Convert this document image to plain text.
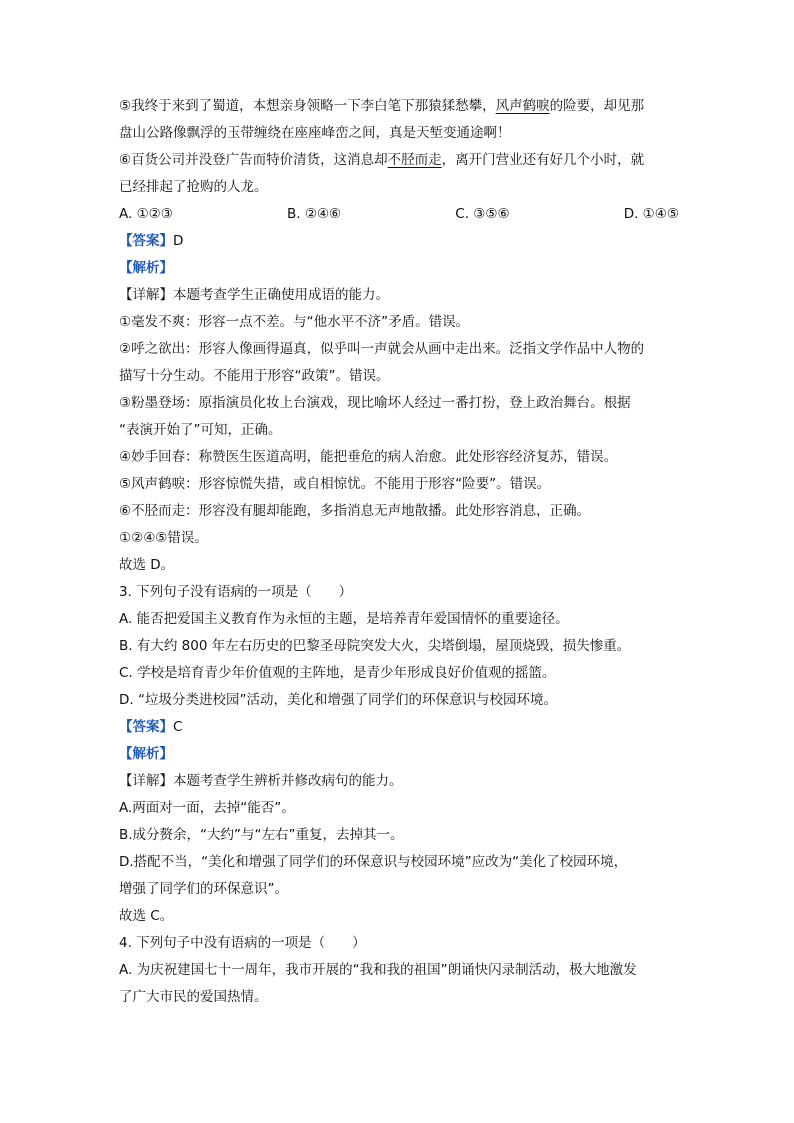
⑤我终于来到了蜀道，本想亲身领略一下李白笔下那猿猱愁攀，风声鹤唳的险要，却见那
盘山公路像飘浮的玉带缠绕在座座峰峦之间，真是天堑变通途啊！
⑥百货公司并没登广告而特价清货，这消息却不胫而走，离开门营业还有好几个小时，就
已经排起了抢购的人龙。
A. ①②③	B. ②④⑥	C. ③⑤⑥	D. ①④⑤
【答案】D
【解析】
【详解】本题考查学生正确使用成语的能力。
①毫发不爽：形容一点不差。与“他水平不济”矛盾。错误。
②呼之欲出：形容人像画得逼真，似乎叫一声就会从画中走出来。泛指文学作品中人物的
描写十分生动。不能用于形容“政策”。错误。
③粉墨登场：原指演员化妆上台演戏，现比喻坏人经过一番打扮，登上政治舞台。根据
“表演开始了”可知，正确。
④妙手回春：称赞医生医道高明，能把垂危的病人治愈。此处形容经济复苏，错误。
⑤风声鹤唳：形容惊慌失措，或自相惊忧。不能用于形容“险要”。错误。
⑥不胫而走：形容没有腿却能跑，多指消息无声地散播。此处形容消息，正确。
①②④⑤错误。
故选 D。
3. 下列句子没有语病的一项是（　　）
A. 能否把爱国主义教育作为永恒的主题，是培养青年爱国情怀的重要途径。
B. 有大约 800 年左右历史的巴黎圣母院突发大火，尖塔倒塌，屋顶烧毁，损失惨重。
C. 学校是培育青少年价值观的主阵地，是青少年形成良好价值观的摇篮。
D. “垃圾分类进校园”活动，美化和增强了同学们的环保意识与校园环境。
【答案】C
【解析】
【详解】本题考查学生辨析并修改病句的能力。
A.两面对一面，去掉“能否”。
B.成分赘余，“大约”与“左右”重复，去掉其一。
D.搭配不当，“美化和增强了同学们的环保意识与校园环境”应改为“美化了校园环境，
增强了同学们的环保意识”。
故选 C。
4. 下列句子中没有语病的一项是（　　）
A. 为庆祝建国七十一周年，我市开展的“我和我的祖国”朗诵快闪录制活动，极大地激发
了广大市民的爱国热情。
